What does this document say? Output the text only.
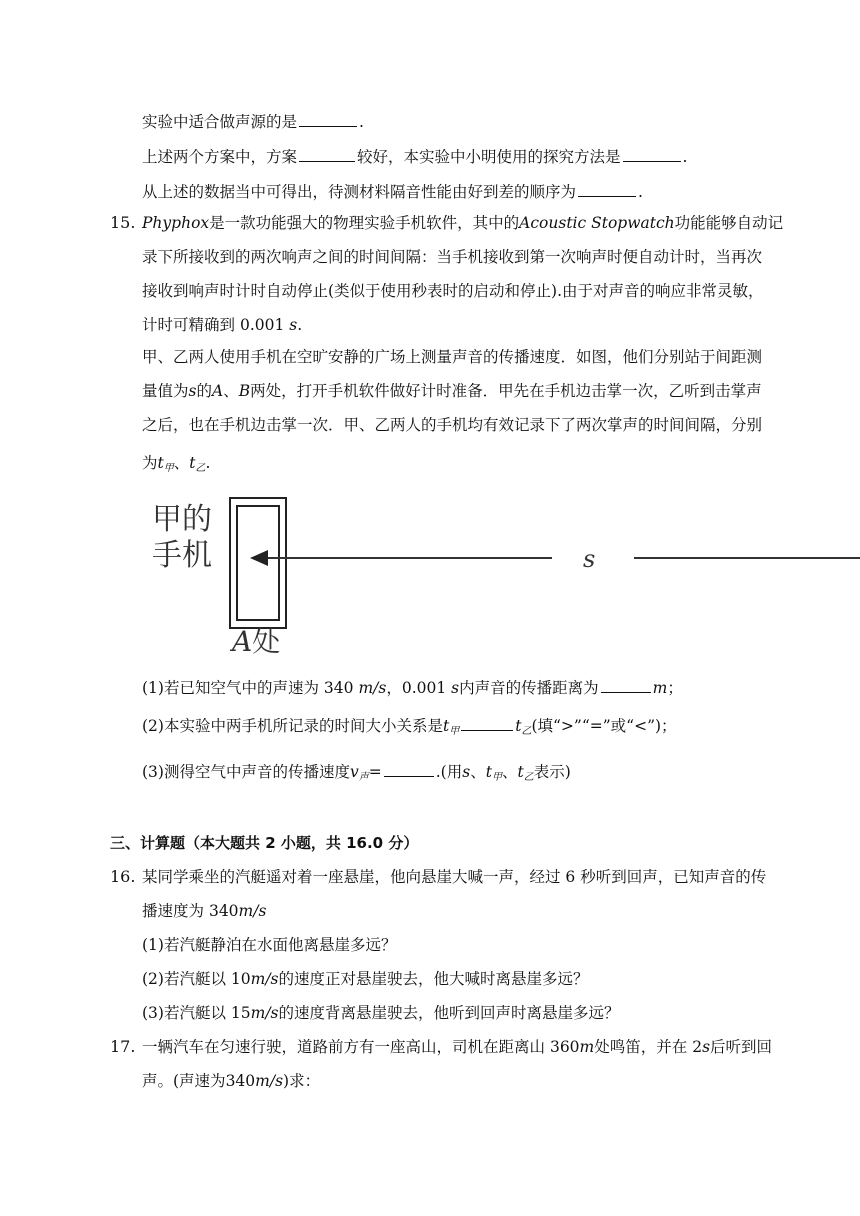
实验中适合做声源的是	.
上述两个方案中，方案	较好，本实验中小明使用的探究方法是	.
从上述的数据当中可得出，待测材料隔音性能由好到差的顺序为	.
15. Phyphox是一款功能强大的物理实验手机软件，其中的Acoustic Stopwatch功能能够自动记
录下所接收到的两次响声之间的时间间隔：当手机接收到第一次响声时便自动计时，当再次
接收到响声时计时自动停止(类似于使用秒表时的启动和停止).由于对声音的响应非常灵敏，
计时可精确到 0.001 s.
甲、乙两人使用手机在空旷安静的广场上测量声音的传播速度．如图，他们分别站于间距测
量值为s的A、B两处，打开手机软件做好计时准备．甲先在手机边击掌一次，乙听到击掌声
之后，也在手机边击掌一次．甲、乙两人的手机均有效记录下了两次掌声的时间间隔，分别
为$t_甲$、$t_乙$.
甲的
手机	s
A处
(1)若已知空气中的声速为 340 m/s，0.001 s内声音的传播距离为	m；
(2)本实验中两手机所记录的时间大小关系是$t_甲$	$t_乙$(填“>”“=”或“<”)；
(3)测得空气中声音的传播速度$v_声=$	.(用s、$t_甲$、$t_乙$表示)
三、计算题（本大题共 2 小题，共 16.0 分）
16. 某同学乘坐的汽艇遥对着一座悬崖，他向悬崖大喊一声，经过 6 秒听到回声，已知声音的传
播速度为 340m/s
(1)若汽艇静泊在水面他离悬崖多远？
(2)若汽艇以 10m/s的速度正对悬崖驶去，他大喊时离悬崖多远？
(3)若汽艇以 15m/s的速度背离悬崖驶去，他听到回声时离悬崖多远？
17. 一辆汽车在匀速行驶，道路前方有一座高山，司机在距离山 360m处鸣笛，并在 2s后听到回
声。(声速为340m/s)求：
